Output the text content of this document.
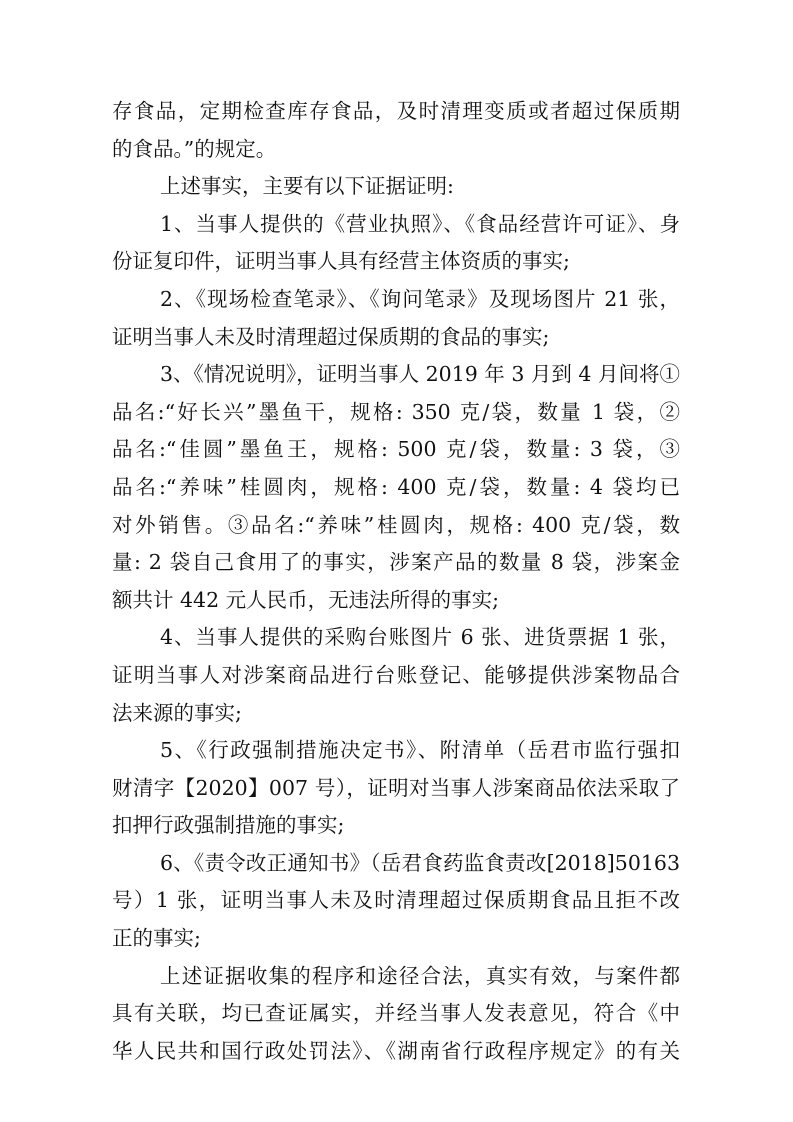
存食品，定期检查库存食品，及时清理变质或者超过保质期
的食品。”的规定。
上述事实，主要有以下证据证明:
1、当事人提供的《营业执照》、《食品经营许可证》、身
份证复印件，证明当事人具有经营主体资质的事实;
2、《现场检查笔录》、《询问笔录》及现场图片 21 张，
证明当事人未及时清理超过保质期的食品的事实;
3、《情况说明》，证明当事人 2019 年 3 月到 4 月间将①
品名:“好长兴”墨鱼干，规格: 350 克/袋，数量 1 袋，②
品名:“佳圆”墨鱼王，规格: 500 克/袋，数量: 3 袋，③
品名:“养味”桂圆肉，规格: 400 克/袋，数量: 4 袋均已
对外销售。③品名:“养味”桂圆肉，规格: 400 克/袋，数
量: 2 袋自己食用了的事实，涉案产品的数量 8 袋，涉案金
额共计 442 元人民币，无违法所得的事实;
4、当事人提供的采购台账图片 6 张、进货票据 1 张，
证明当事人对涉案商品进行台账登记、能够提供涉案物品合
法来源的事实;
5、《行政强制措施决定书》、附清单（岳君市监行强扣
财清字【2020】007 号），证明对当事人涉案商品依法采取了
扣押行政强制措施的事实;
6、《责令改正通知书》（岳君食药监食责改[2018]50163
号）1 张，证明当事人未及时清理超过保质期食品且拒不改
正的事实;
上述证据收集的程序和途径合法，真实有效，与案件都
具有关联，均已查证属实，并经当事人发表意见，符合《中
华人民共和国行政处罚法》、《湖南省行政程序规定》的有关
